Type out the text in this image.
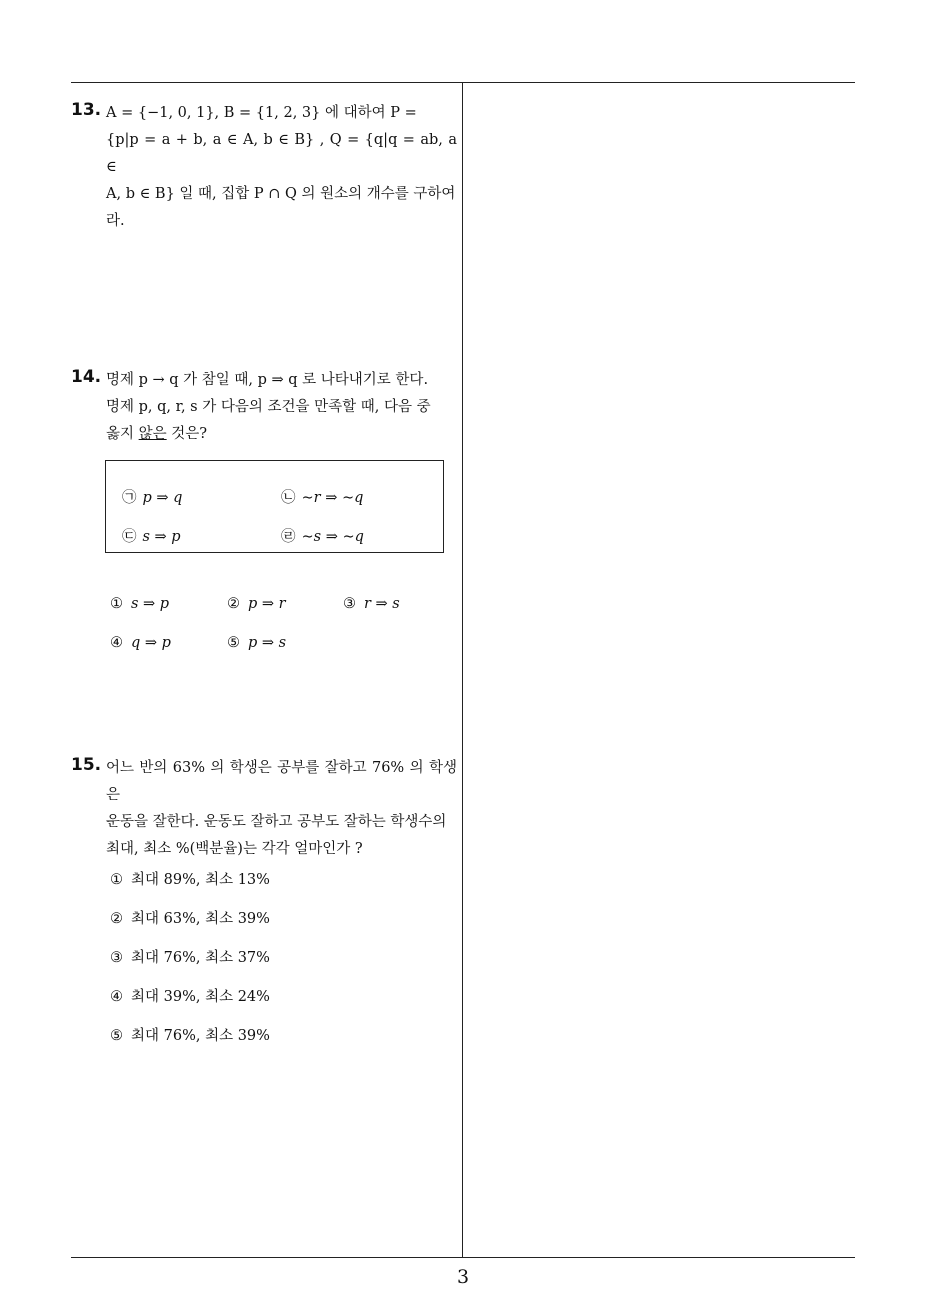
13. A = {−1, 0, 1}, B = {1, 2, 3} 에 대하여 P =
{p|p = a + b, a ∈ A, b ∈ B} , Q = {q|q = ab, a ∈
A, b ∈ B} 일 때, 집합 P ∩ Q 의 원소의 개수를 구하여
라.
14. 명제 p → q 가 참일 때, p ⇒ q 로 나타내기로 한다.
명제 p, q, r, s 가 다음의 조건을 만족할 때, 다음 중
옳지 않은 것은?
㉠ p ⇒ q	㉡ ∼r ⇒ ∼q
㉢ s ⇒ p	㉣ ∼s ⇒ ∼q
① s ⇒ p	② p ⇒ r	③ r ⇒ s
④ q ⇒ p	⑤ p ⇒ s
15. 어느 반의 63% 의 학생은 공부를 잘하고 76% 의 학생은
운동을 잘한다. 운동도 잘하고 공부도 잘하는 학생수의
최대, 최소 %(백분율)는 각각 얼마인가 ?
① 최대 89%, 최소 13%
② 최대 63%, 최소 39%
③ 최대 76%, 최소 37%
④ 최대 39%, 최소 24%
⑤ 최대 76%, 최소 39%
3
